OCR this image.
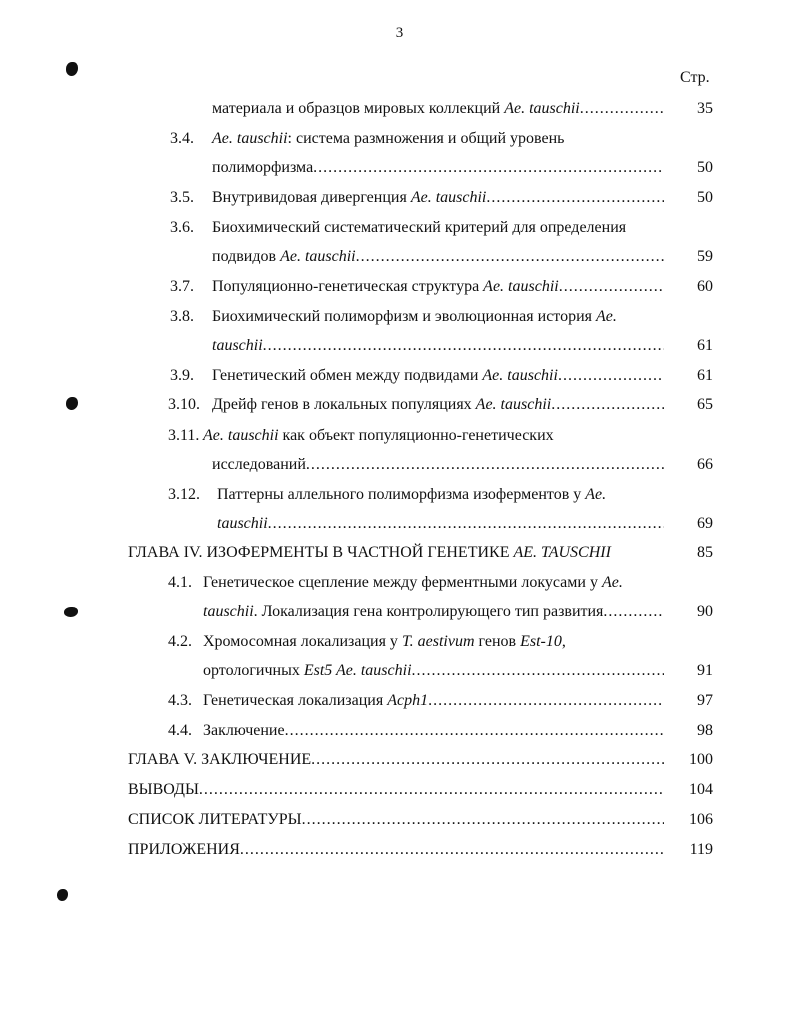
3
Стр.
материала и образцов мировых коллекций Ae. tauschii .....	35
3.4. Ae. tauschii: система размножения и общий уровень
полиморфизма .....	50
3.5. Внутривидовая дивергенция Ae. tauschii .....	50
3.6. Биохимический систематический критерий для определения
подвидов Ae. tauschii .....	59
3.7. Популяционно-генетическая структура Ae. tauschii .....	60
3.8. Биохимический полиморфизм и эволюционная история Ae.
tauschii .....	61
3.9. Генетический обмен между подвидами Ae. tauschii .....	61
3.10. Дрейф генов в локальных популяциях Ae. tauschii .....	65
3.11. Ae. tauschii как объект популяционно-генетических
исследований .....	66
3.12. Паттерны аллельного полиморфизма изоферментов у Ae.
tauschii .....	69
ГЛАВА IV. ИЗОФЕРМЕНТЫ В ЧАСТНОЙ ГЕНЕТИКЕ AE. TAUSCHII	85
4.1. Генетическое сцепление между ферментными локусами у Ae.
tauschii. Локализация гена контролирующего тип развития .....	90
4.2. Хромосомная локализация у T. aestivum генов Est-10,
ортологичных Est5 Ae. tauschii .....	91
4.3. Генетическая локализация Acph1 .....	97
4.4. Заключение .....	98
ГЛАВА V. ЗАКЛЮЧЕНИЕ .....	100
ВЫВОДЫ .....	104
СПИСОК ЛИТЕРАТУРЫ .....	106
ПРИЛОЖЕНИЯ .....	119
